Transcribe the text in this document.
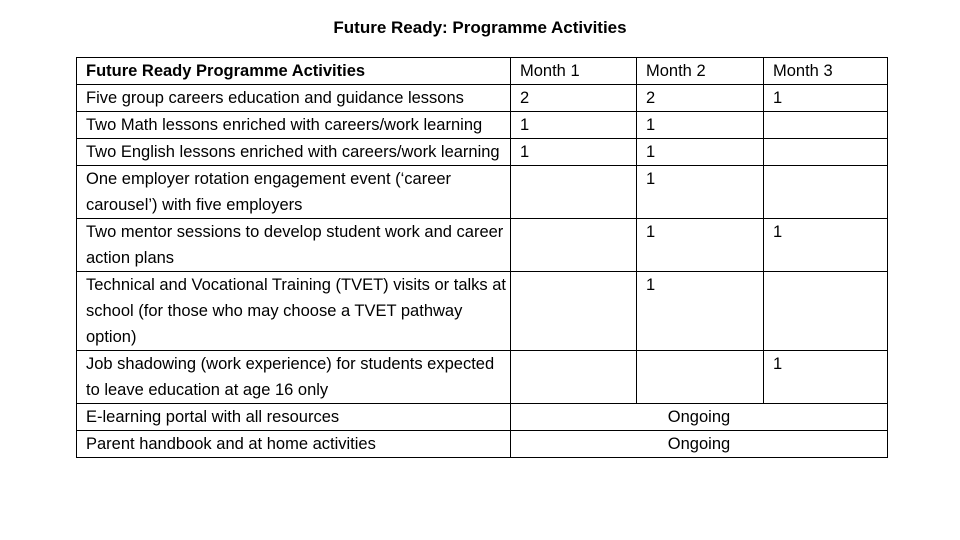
Future Ready: Programme Activities
Future Ready Programme Activities	Month 1	Month 2	Month 3
Five group careers education and guidance lessons	2	2	1
Two Math lessons enriched with careers/work learning	1	1	
Two English lessons enriched with careers/work learning	1	1	
One employer rotation engagement event (‘career carousel’) with five employers		1	
Two mentor sessions to develop student work and career action plans		1	1
Technical and Vocational Training (TVET) visits or talks at school (for those who may choose a TVET pathway option)		1	
Job shadowing (work experience) for students expected to leave education at age 16 only			1
E-learning portal with all resources	Ongoing		
Parent handbook and at home activities	Ongoing		
